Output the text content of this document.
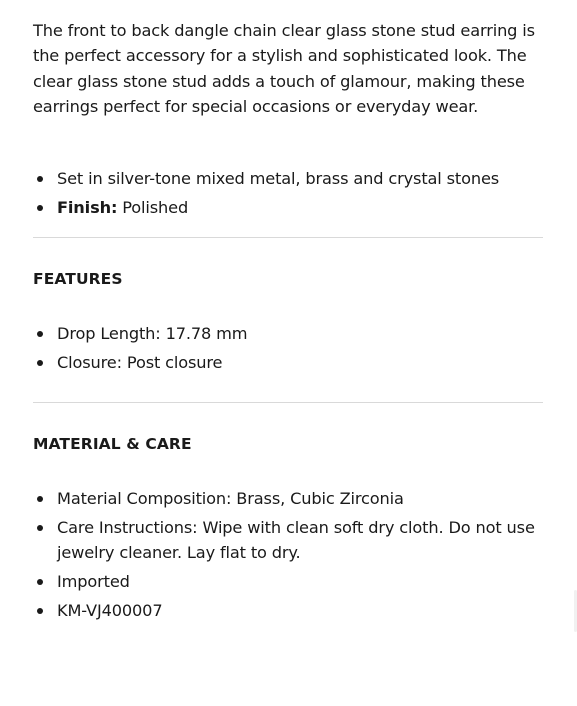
The front to back dangle chain clear glass stone stud earring is the perfect accessory for a stylish and sophisticated look. The clear glass stone stud adds a touch of glamour, making these earrings perfect for special occasions or everyday wear.

Set in silver-tone mixed metal, brass and crystal stones
Finish: Polished
FEATURES
Drop Length: 17.78 mm
Closure: Post closure
MATERIAL & CARE
Material Composition: Brass, Cubic Zirconia
Care Instructions: Wipe with clean soft dry cloth. Do not use jewelry cleaner. Lay flat to dry.
Imported
KM-VJ400007
